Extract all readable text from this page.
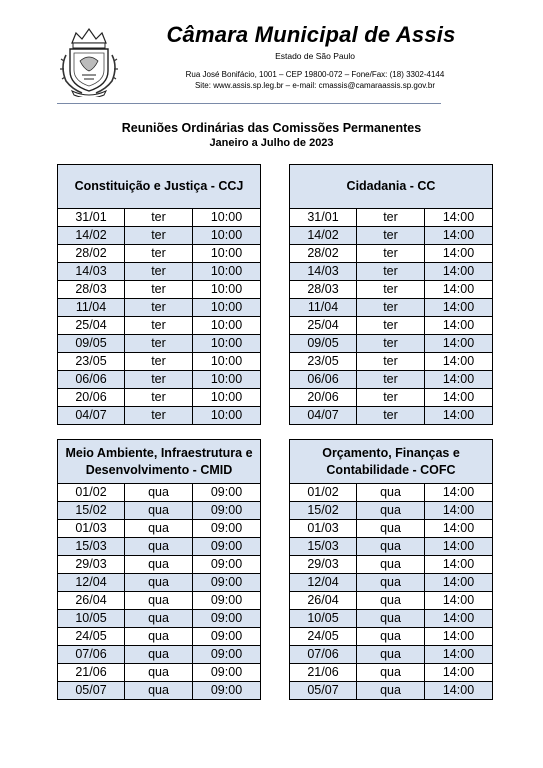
Câmara Municipal de Assis
Estado de São Paulo
Rua José Bonifácio, 1001 – CEP 19800-072 – Fone/Fax: (18) 3302-4144
Site: www.assis.sp.leg.br – e-mail: cmassis@camaraassis.sp.gov.br
Reuniões Ordinárias das Comissões Permanentes
Janeiro a Julho de 2023
Constituição e Justiça - CCJ
31/01	ter	10:00
14/02	ter	10:00
28/02	ter	10:00
14/03	ter	10:00
28/03	ter	10:00
11/04	ter	10:00
25/04	ter	10:00
09/05	ter	10:00
23/05	ter	10:00
06/06	ter	10:00
20/06	ter	10:00
04/07	ter	10:00
Cidadania - CC
31/01	ter	14:00
14/02	ter	14:00
28/02	ter	14:00
14/03	ter	14:00
28/03	ter	14:00
11/04	ter	14:00
25/04	ter	14:00
09/05	ter	14:00
23/05	ter	14:00
06/06	ter	14:00
20/06	ter	14:00
04/07	ter	14:00
Meio Ambiente, Infraestrutura e
Desenvolvimento - CMID
01/02	qua	09:00
15/02	qua	09:00
01/03	qua	09:00
15/03	qua	09:00
29/03	qua	09:00
12/04	qua	09:00
26/04	qua	09:00
10/05	qua	09:00
24/05	qua	09:00
07/06	qua	09:00
21/06	qua	09:00
05/07	qua	09:00
Orçamento, Finanças e
Contabilidade - COFC
01/02	qua	14:00
15/02	qua	14:00
01/03	qua	14:00
15/03	qua	14:00
29/03	qua	14:00
12/04	qua	14:00
26/04	qua	14:00
10/05	qua	14:00
24/05	qua	14:00
07/06	qua	14:00
21/06	qua	14:00
05/07	qua	14:00
